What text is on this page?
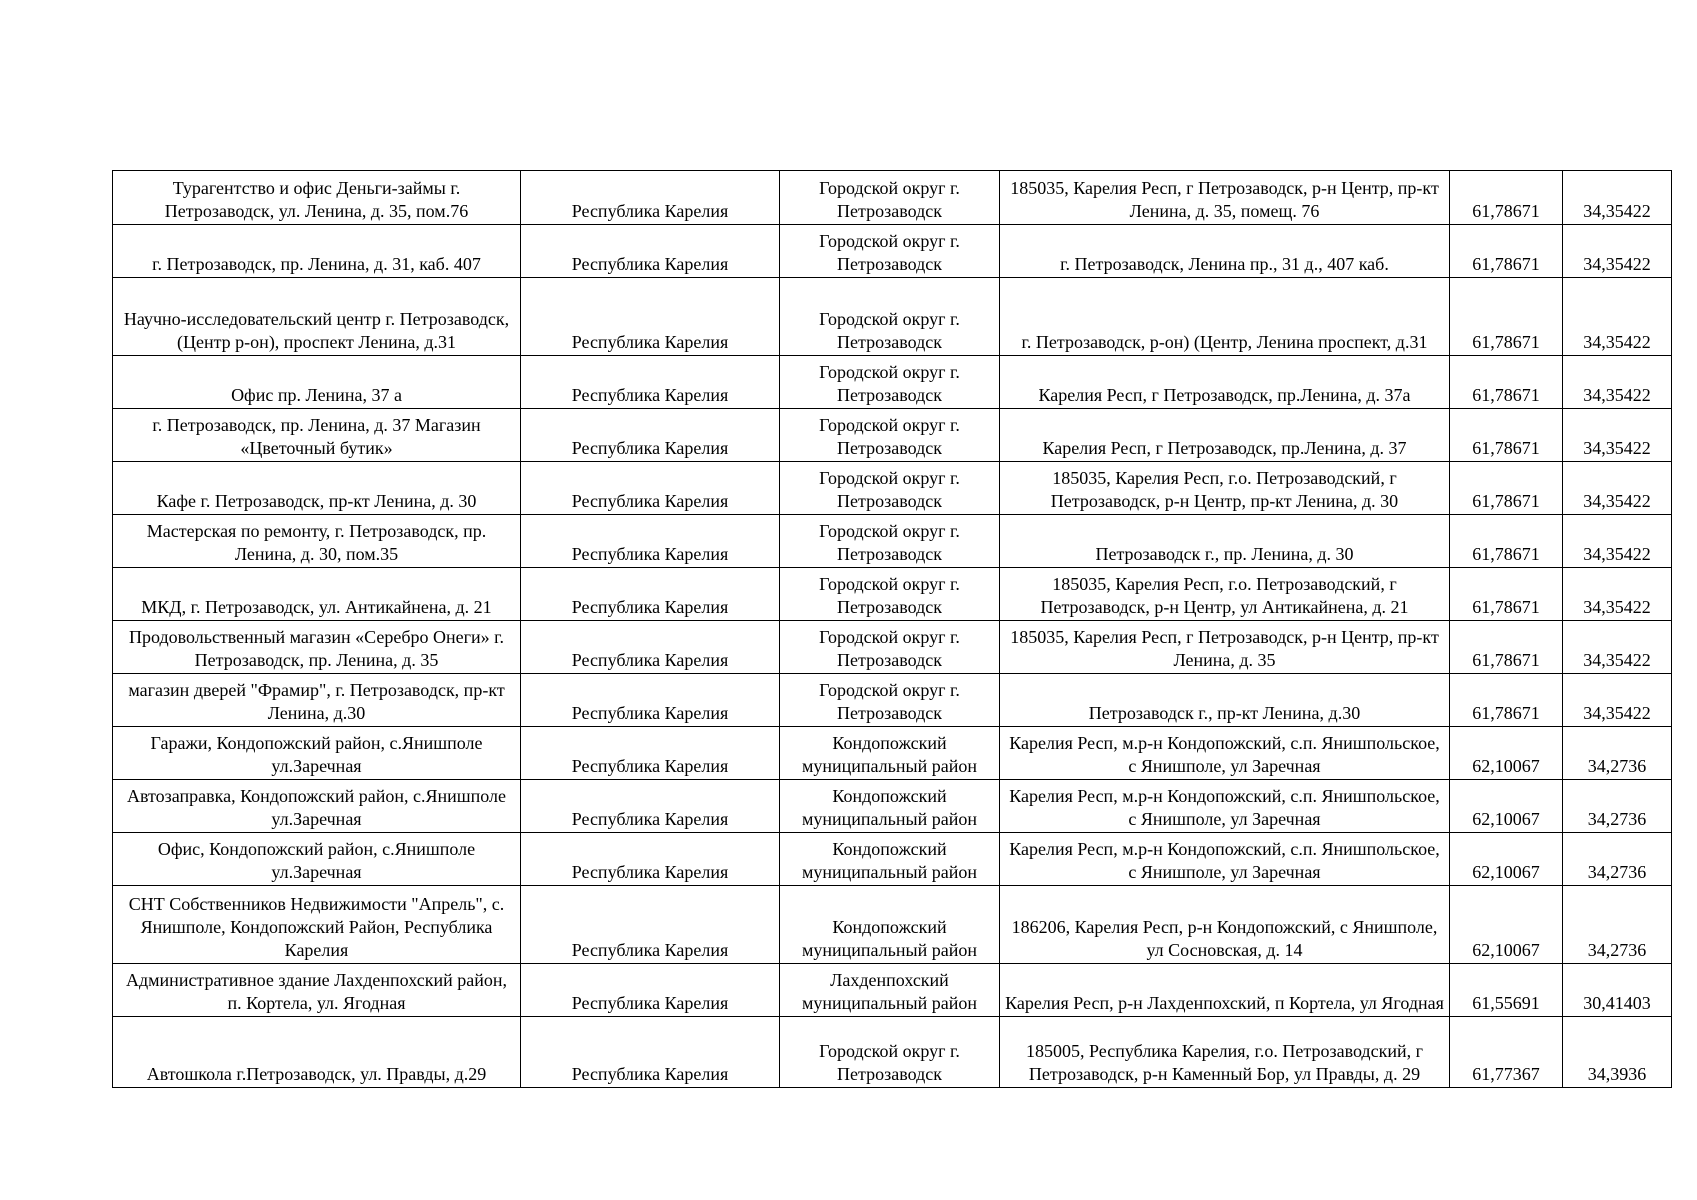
Турагентство и офис Деньги-займы г. Петрозаводск, ул. Ленина, д. 35, пом.76	Республика Карелия	Городской округ г. Петрозаводск	185035, Карелия Респ, г Петрозаводск, р-н Центр, пр-кт Ленина, д. 35, помещ. 76	61,78671	34,35422
г. Петрозаводск, пр. Ленина, д. 31, каб. 407	Республика Карелия	Городской округ г. Петрозаводск	г. Петрозаводск, Ленина пр., 31 д., 407 каб.	61,78671	34,35422
Научно-исследовательский центр г. Петрозаводск, (Центр р-он), проспект Ленина, д.31	Республика Карелия	Городской округ г. Петрозаводск	г. Петрозаводск, р-он) (Центр, Ленина проспект, д.31	61,78671	34,35422
Офис пр. Ленина, 37 а	Республика Карелия	Городской округ г. Петрозаводск	Карелия Респ, г Петрозаводск, пр.Ленина, д. 37а	61,78671	34,35422
г. Петрозаводск, пр. Ленина, д. 37 Магазин «Цветочный бутик»	Республика Карелия	Городской округ г. Петрозаводск	Карелия Респ, г Петрозаводск, пр.Ленина, д. 37	61,78671	34,35422
Кафе г. Петрозаводск, пр-кт Ленина, д. 30	Республика Карелия	Городской округ г. Петрозаводск	185035, Карелия Респ, г.о. Петрозаводский, г Петрозаводск, р-н Центр, пр-кт Ленина, д. 30	61,78671	34,35422
Мастерская по ремонту, г. Петрозаводск, пр. Ленина, д. 30, пом.35	Республика Карелия	Городской округ г. Петрозаводск	Петрозаводск г., пр. Ленина, д. 30	61,78671	34,35422
МКД, г. Петрозаводск, ул. Антикайнена, д. 21	Республика Карелия	Городской округ г. Петрозаводск	185035, Карелия Респ, г.о. Петрозаводский, г Петрозаводск, р-н Центр, ул Антикайнена, д. 21	61,78671	34,35422
Продовольственный магазин «Серебро Онеги» г. Петрозаводск, пр. Ленина, д. 35	Республика Карелия	Городской округ г. Петрозаводск	185035, Карелия Респ, г Петрозаводск, р-н Центр, пр-кт Ленина, д. 35	61,78671	34,35422
магазин дверей "Фрамир", г. Петрозаводск, пр-кт Ленина, д.30	Республика Карелия	Городской округ г. Петрозаводск	Петрозаводск г., пр-кт Ленина, д.30	61,78671	34,35422
Гаражи, Кондопожский район, с.Янишполе ул.Заречная	Республика Карелия	Кондопожский муниципальный район	Карелия Респ, м.р-н Кондопожский, с.п. Янишпольское, с Янишполе, ул Заречная	62,10067	34,2736
Автозаправка, Кондопожский район, с.Янишполе ул.Заречная	Республика Карелия	Кондопожский муниципальный район	Карелия Респ, м.р-н Кондопожский, с.п. Янишпольское, с Янишполе, ул Заречная	62,10067	34,2736
Офис, Кондопожский район, с.Янишполе ул.Заречная	Республика Карелия	Кондопожский муниципальный район	Карелия Респ, м.р-н Кондопожский, с.п. Янишпольское, с Янишполе, ул Заречная	62,10067	34,2736
СНТ Собственников Недвижимости "Апрель", с. Янишполе, Кондопожский Район, Республика Карелия	Республика Карелия	Кондопожский муниципальный район	186206, Карелия Респ, р-н Кондопожский, с Янишполе, ул Сосновская, д. 14	62,10067	34,2736
Административное здание Лахденпохский район, п. Кортела, ул. Ягодная	Республика Карелия	Лахденпохский муниципальный район	Карелия Респ, р-н Лахденпохский, п Кортела, ул Ягодная	61,55691	30,41403
Автошкола г.Петрозаводск, ул. Правды, д.29	Республика Карелия	Городской округ г. Петрозаводск	185005, Республика Карелия, г.о. Петрозаводский, г Петрозаводск, р-н Каменный Бор, ул Правды, д. 29	61,77367	34,3936
